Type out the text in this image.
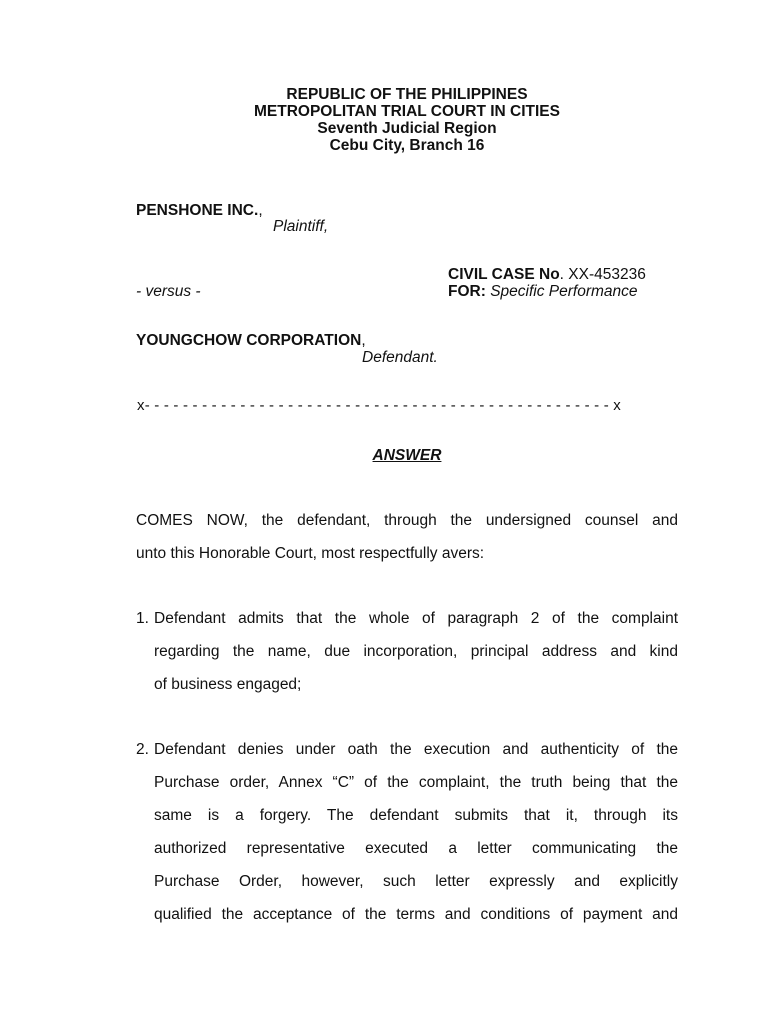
REPUBLIC OF THE PHILIPPINES
METROPOLITAN TRIAL COURT IN CITIES
Seventh Judicial Region
Cebu City, Branch 16
PENSHONE INC.,
Plaintiff,
CIVIL CASE No. XX-453236
- versus -	FOR: Specific Performance
YOUNGCHOW CORPORATION,
Defendant.
x- - - - - - - - - - - - - - - - - - - - - - - - - - - - - - - - - - - - - - - - - - - - - - - - - x
ANSWER
COMES NOW, the defendant, through the undersigned counsel and
unto this Honorable Court, most respectfully avers:
1. Defendant admits that the whole of paragraph 2 of the complaint
regarding the name, due incorporation, principal address and kind
of business engaged;
2. Defendant denies under oath the execution and authenticity of the
Purchase order, Annex “C” of the complaint, the truth being that the
same is a forgery. The defendant submits that it, through its
authorized representative executed a letter communicating the
Purchase Order, however, such letter expressly and explicitly
qualified the acceptance of the terms and conditions of payment and
